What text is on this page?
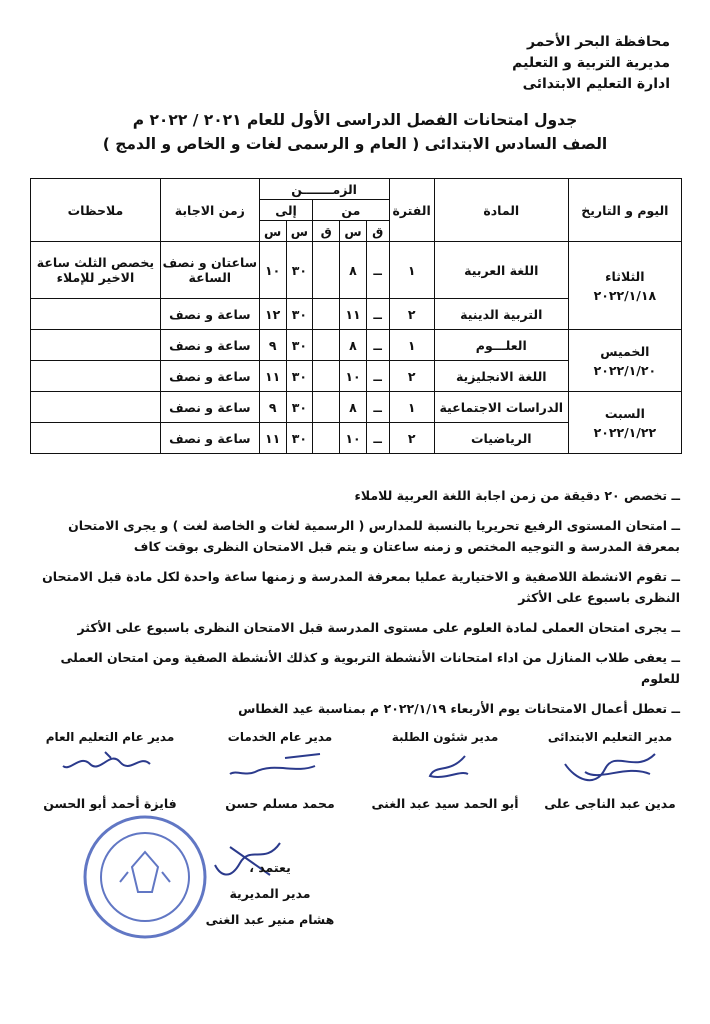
محافظة البحر الأحمر
مديرية التربية و التعليم
ادارة التعليم الابتدائى
جدول امتحانات الفصل الدراسى الأول للعام ٢٠٢١ / ٢٠٢٢ م
الصف السادس الابتدائى ( العام و الرسمى لغات و الخاص و الدمج )
اليوم و التاريخ	المادة	الفترة	الزمـــــــن					زمن الاجابة	ملاحظات
			من			إلى			
			ق	س	ق	س	س		

الثلاثاء
٢٠٢٢/١/١٨	اللغة العربية	١	ــ	٨		٣٠	١٠	ساعتان و نصف الساعة	يخصص الثلث ساعة الاخير للإملاء
	التربية الدينية	٢	ــ	١١		٣٠	١٢	ساعة و نصف	

الخميس
٢٠٢٢/١/٢٠	العلـــوم	١	ــ	٨		٣٠	٩	ساعة و نصف	
	اللغة الانجليزية	٢	ــ	١٠		٣٠	١١	ساعة و نصف	

السبت
٢٠٢٢/١/٢٢	الدراسات الاجتماعية	١	ــ	٨		٣٠	٩	ساعة و نصف	
	الرياضيات	٢	ــ	١٠		٣٠	١١	ساعة و نصف	
ــ تخصص ٢٠ دقيقة من زمن اجابة اللغة العربية للاملاء
ــ امتحان المستوى الرفيع تحريريا بالنسبة للمدارس ( الرسمية لغات و الخاصة لغت ) و يجرى الامتحان بمعرفة المدرسة و التوجيه المختص و زمنه ساعتان و يتم قبل الامتحان النظرى بوقت كاف
ــ تقوم الانشطة اللاصفية و الاختيارية عمليا بمعرفة المدرسة و زمنها ساعة واحدة لكل مادة قبل الامتحان النظرى باسبوع على الأكثر
ــ يجرى امتحان العملى لمادة العلوم على مستوى المدرسة قبل الامتحان النظرى باسبوع على الأكثر
ــ يعفى طلاب المنازل من اداء امتحانات الأنشطة التربوية و كذلك الأنشطة الصفية ومن امتحان العملى للعلوم
ــ تعطل أعمال الامتحانات يوم الأربعاء ٢٠٢٢/١/١٩ م بمناسبة عيد الغطاس
مدير التعليم الابتدائى
مدين عبد الناجى على
مدير شئون الطلبة
أبو الحمد سيد عبد الغنى
مدير عام الخدمات
محمد مسلم حسن
مدير عام التعليم العام
فايزة أحمد أبو الحسن
يعتمد ،
مدير المديرية
هشام منير عبد الغنى
